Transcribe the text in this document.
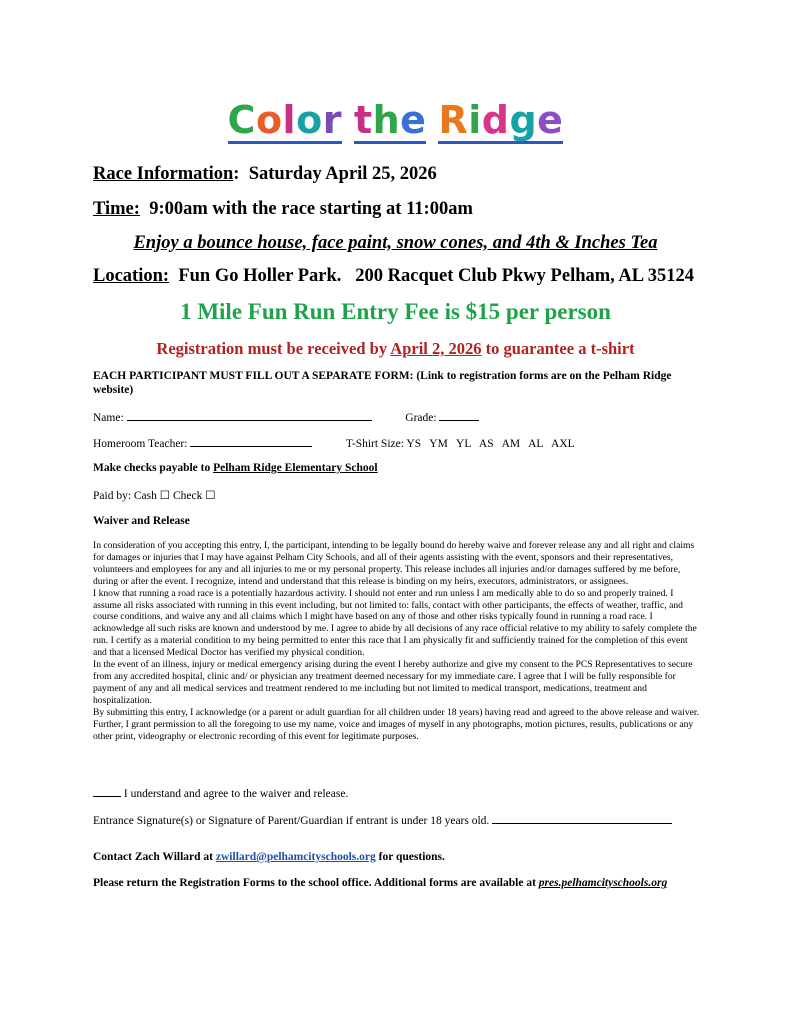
Color the Ridge
Race Information: Saturday April 25, 2026
Time: 9:00am with the race starting at 11:00am
Enjoy a bounce house, face paint, snow cones, and 4th & Inches Tea
Location: Fun Go Holler Park.   200 Racquet Club Pkwy Pelham, AL 35124
1 Mile Fun Run Entry Fee is $15 per person
Registration must be received by April 2, 2026 to guarantee a t-shirt
EACH PARTICIPANT MUST FILL OUT A SEPARATE FORM: (Link to registration forms are on the Pelham Ridge website)
Name:	Grade:
Homeroom Teacher:	T-Shirt Size: YS   YM   YL   AS   AM   AL   AXL
Make checks payable to Pelham Ridge Elementary School
Paid by: Cash ☐ Check ☐
Waiver and Release

In consideration of you accepting this entry, I, the participant, intending to be legally bound do hereby waive and forever release any and all right and claims for damages or injuries that I may have against Pelham City Schools, and all of their agents assisting with the event, sponsors and their representatives, volunteers and employees for any and all injuries to me or my personal property. This release includes all injuries and/or damages suffered by me before, during or after the event. I recognize, intend and understand that this release is binding on my heirs, executors, administrators, or assignees.

I know that running a road race is a potentially hazardous activity. I should not enter and run unless I am medically able to do so and properly trained. I assume all risks associated with running in this event including, but not limited to: falls, contact with other participants, the effects of weather, traffic, and course conditions, and waive any and all claims which I might have based on any of those and other risks typically found in running a road race. I acknowledge all such risks are known and understood by me. I agree to abide by all decisions of any race official relative to my ability to safely complete the run. I certify as a material condition to my being permitted to enter this race that I am physically fit and sufficiently trained for the completion of this event and that a licensed Medical Doctor has verified my physical condition.

In the event of an illness, injury or medical emergency arising during the event I hereby authorize and give my consent to the PCS Representatives to secure from any accredited hospital, clinic and/ or physician any treatment deemed necessary for my immediate care. I agree that I will be fully responsible for payment of any and all medical services and treatment rendered to me including but not limited to medical transport, medications, treatment and hospitalization.

By submitting this entry, I acknowledge (or a parent or adult guardian for all children under 18 years) having read and agreed to the above release and waiver.

Further, I grant permission to all the foregoing to use my name, voice and images of myself in any photographs, motion pictures, results, publications or any other print, videography or electronic recording of this event for legitimate purposes.

I understand and agree to the waiver and release.
Entrance Signature(s) or Signature of Parent/Guardian if entrant is under 18 years old.
Contact Zach Willard at zwillard@pelhamcityschools.org for questions.
Please return the Registration Forms to the school office. Additional forms are available at pres.pelhamcityschools.org
